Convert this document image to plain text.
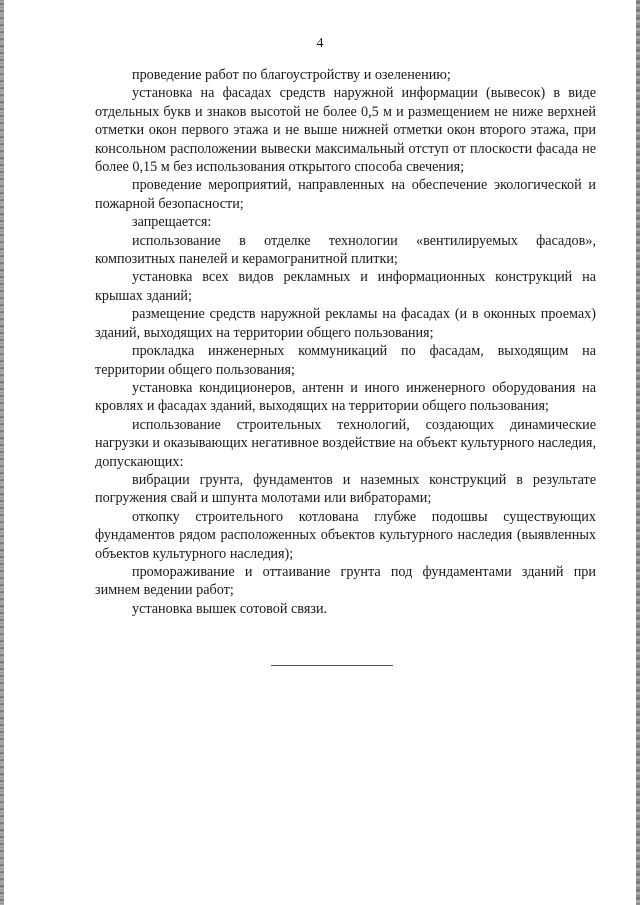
4

проведение работ по благоустройству и озеленению;

установка на фасадах средств наружной информации (вывесок) в виде отдельных букв и знаков высотой не более 0,5 м и размещением не ниже верхней отметки окон первого этажа и не выше нижней отметки окон второго этажа, при консольном расположении вывески максимальный отступ от плоскости фасада не более 0,15 м без использования открытого способа свечения;

проведение мероприятий, направленных на обеспечение экологической и пожарной безопасности;

запрещается:

использование в отделке технологии «вентилируемых фасадов», композитных панелей и керамогранитной плитки;

установка всех видов рекламных и информационных конструкций на крышах зданий;

размещение средств наружной рекламы на фасадах (и в оконных проемах) зданий, выходящих на территории общего пользования;

прокладка инженерных коммуникаций по фасадам, выходящим на территории общего пользования;

установка кондиционеров, антенн и иного инженерного оборудования на кровлях и фасадах зданий, выходящих на территории общего пользования;

использование строительных технологий, создающих динамические нагрузки и оказывающих негативное воздействие на объект культурного наследия, допускающих:

вибрации грунта, фундаментов и наземных конструкций в результате погружения свай и шпунта молотами или вибраторами;

откопку строительного котлована глубже подошвы существующих фундаментов рядом расположенных объектов культурного наследия (выявленных объектов культурного наследия);

промораживание и оттаивание грунта под фундаментами зданий при зимнем ведении работ;

установка вышек сотовой связи.
